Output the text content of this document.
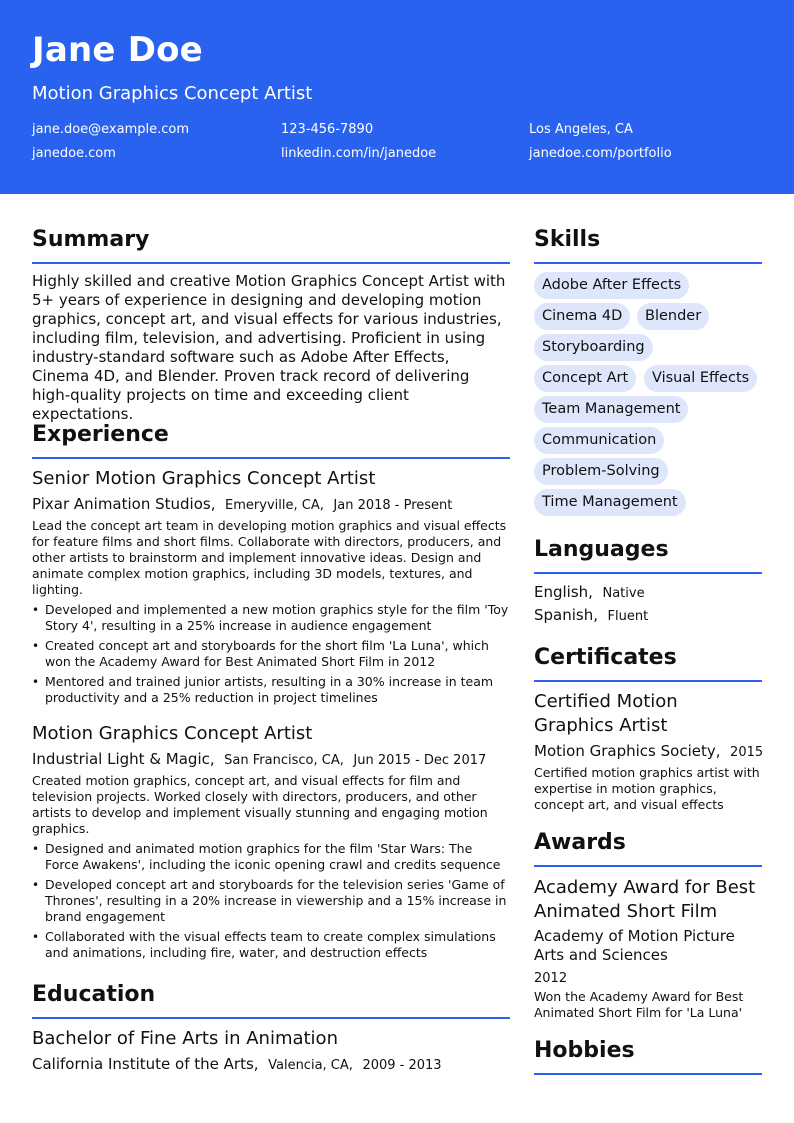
Jane Doe
Motion Graphics Concept Artist
jane.doe@example.com	123-456-7890	Los Angeles, CA
janedoe.com	linkedin.com/in/janedoe	janedoe.com/portfolio
Summary
Highly skilled and creative Motion Graphics Concept Artist with 5+ years of experience in designing and developing motion graphics, concept art, and visual effects for various industries, including film, television, and advertising. Proficient in using industry-standard software such as Adobe After Effects, Cinema 4D, and Blender. Proven track record of delivering high-quality projects on time and exceeding client expectations.
Experience
Senior Motion Graphics Concept Artist
Pixar Animation Studios, Emeryville, CA, Jan 2018 - Present
Lead the concept art team in developing motion graphics and visual effects for feature films and short films. Collaborate with directors, producers, and other artists to brainstorm and implement innovative ideas. Design and animate complex motion graphics, including 3D models, textures, and lighting.
• Developed and implemented a new motion graphics style for the film 'Toy Story 4', resulting in a 25% increase in audience engagement
• Created concept art and storyboards for the short film 'La Luna', which won the Academy Award for Best Animated Short Film in 2012
• Mentored and trained junior artists, resulting in a 30% increase in team productivity and a 25% reduction in project timelines
Motion Graphics Concept Artist
Industrial Light & Magic, San Francisco, CA, Jun 2015 - Dec 2017
Created motion graphics, concept art, and visual effects for film and television projects. Worked closely with directors, producers, and other artists to develop and implement visually stunning and engaging motion graphics.
• Designed and animated motion graphics for the film 'Star Wars: The Force Awakens', including the iconic opening crawl and credits sequence
• Developed concept art and storyboards for the television series 'Game of Thrones', resulting in a 20% increase in viewership and a 15% increase in brand engagement
• Collaborated with the visual effects team to create complex simulations and animations, including fire, water, and destruction effects
Education
Bachelor of Fine Arts in Animation
California Institute of the Arts, Valencia, CA, 2009 - 2013
Skills
Adobe After Effects
Cinema 4D	Blender
Storyboarding
Concept Art	Visual Effects
Team Management
Communication
Problem-Solving
Time Management
Languages
English, Native
Spanish, Fluent
Certificates
Certified Motion Graphics Artist
Motion Graphics Society, 2015
Certified motion graphics artist with expertise in motion graphics, concept art, and visual effects
Awards
Academy Award for Best Animated Short Film
Academy of Motion Picture Arts and Sciences
2012
Won the Academy Award for Best Animated Short Film for 'La Luna'
Hobbies
